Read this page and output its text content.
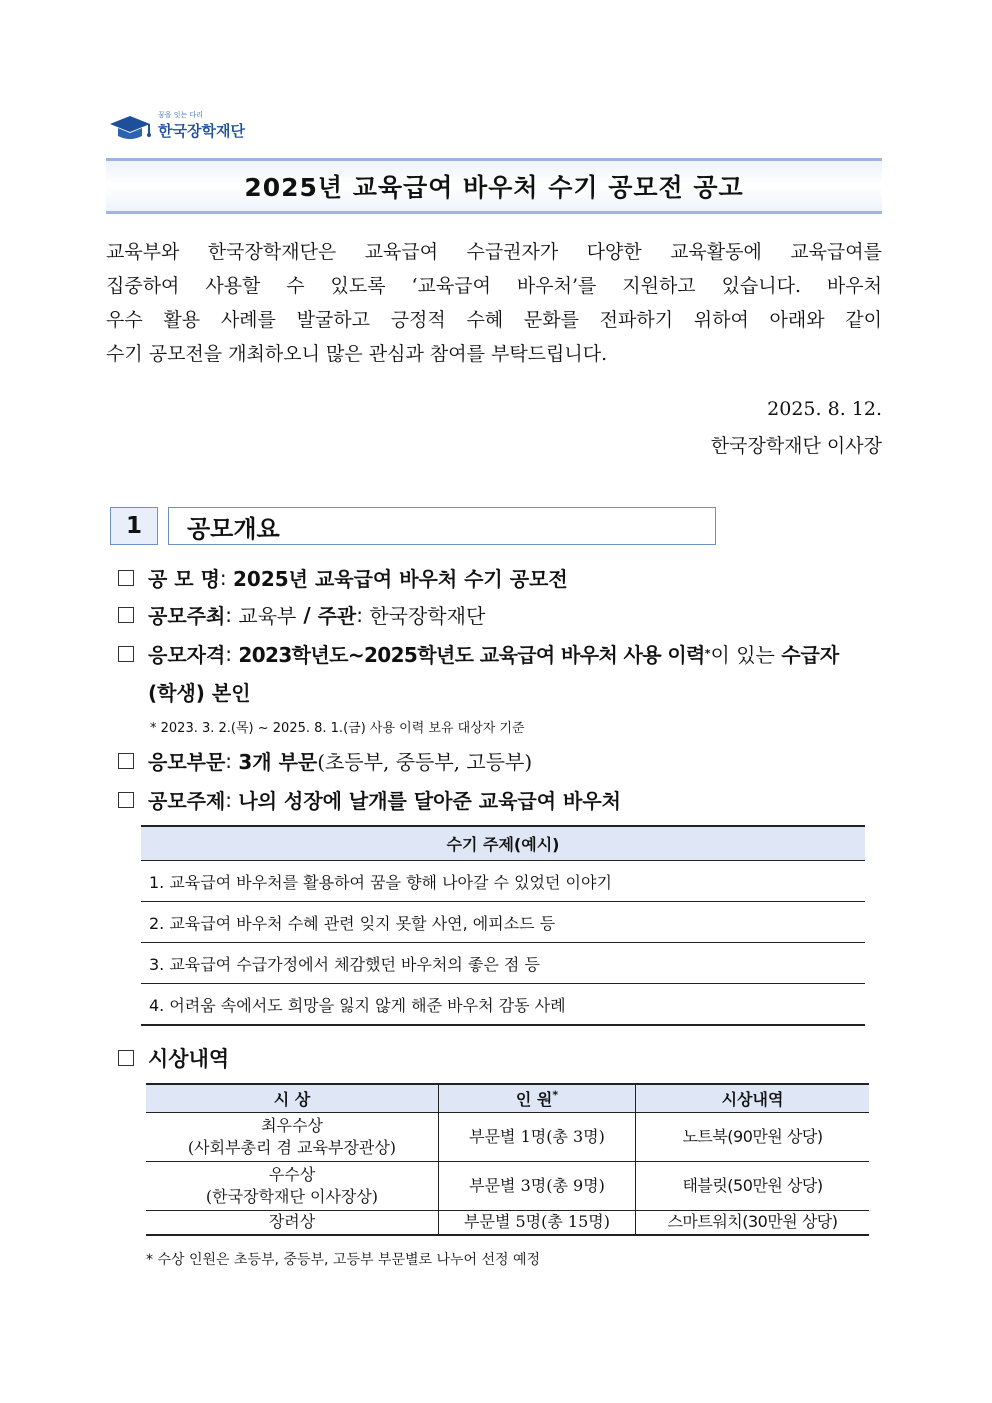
꿈을 잇는 다리
한국장학재단
2025년 교육급여 바우처 수기 공모전 공고
교육부와 한국장학재단은 교육급여 수급권자가 다양한 교육활동에 교육급여를
집중하여 사용할 수 있도록 ‘교육급여 바우처’를 지원하고 있습니다. 바우처
우수 활용 사례를 발굴하고 긍정적 수혜 문화를 전파하기 위하여 아래와 같이
수기 공모전을 개최하오니 많은 관심과 참여를 부탁드립니다.
2025. 8. 12.
한국장학재단 이사장
1	공모개요
공 모 명 : 2025년 교육급여 바우처 수기 공모전
공모주최 : 교육부 / 주관 : 한국장학재단
응모자격 : 2023학년도~2025학년도 교육급여 바우처 사용 이력 * 이 있는
수급자
(학생) 본인
* 2023. 3. 2.(목) ~ 2025. 8. 1.(금) 사용 이력 보유 대상자 기준
응모부문 : 3개 부문 (초등부, 중등부, 고등부)
공모주제 : 나의 성장에 날개를 달아준 교육급여 바우처
수기 주제(예시)
1. 교육급여 바우처를 활용하여 꿈을 향해 나아갈 수 있었던 이야기
2. 교육급여 바우처 수혜 관련 잊지 못할 사연, 에피소드 등
3. 교육급여 수급가정에서 체감했던 바우처의 좋은 점 등
4. 어려움 속에서도 희망을 잃지 않게 해준 바우처 감동 사례
시상내역
시 상	인 원*	시상내역

최우수상
(사회부총리 겸 교육부장관상)	부문별 1명(총 3명)	노트북(90만원 상당)

우수상
(한국장학재단 이사장상)	부문별 3명(총 9명)	태블릿(50만원 상당)

장려상	부문별 5명(총 15명)	스마트워치(30만원 상당)
* 수상 인원은 초등부, 중등부, 고등부 부문별로 나누어 선정 예정
